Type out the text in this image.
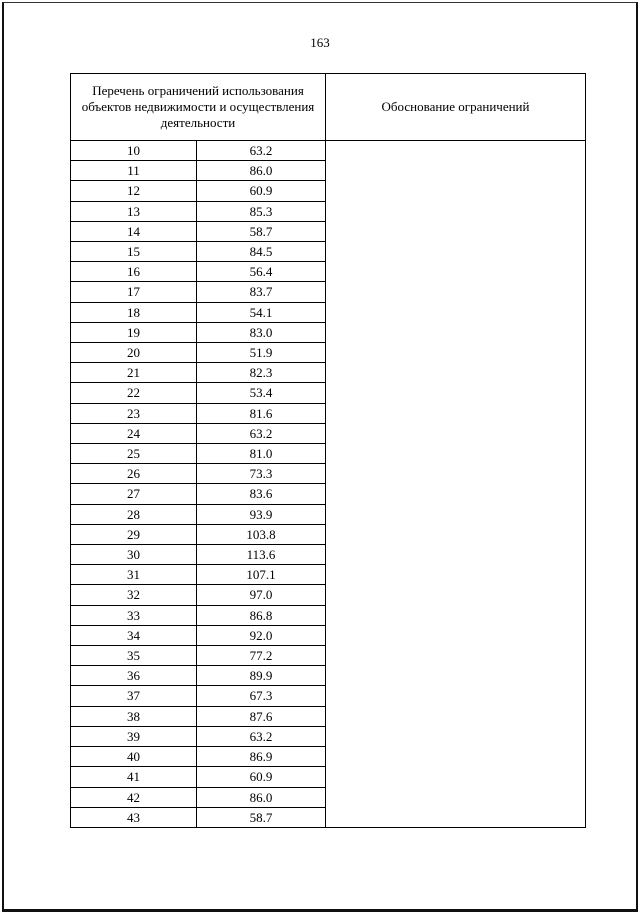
163
Перечень ограничений использования объектов недвижимости и осуществления деятельности		Обоснование ограничений
10	63.2	
11	86.0	
12	60.9	
13	85.3	
14	58.7	
15	84.5	
16	56.4	
17	83.7	
18	54.1	
19	83.0	
20	51.9	
21	82.3	
22	53.4	
23	81.6	
24	63.2	
25	81.0	
26	73.3	
27	83.6	
28	93.9	
29	103.8	
30	113.6	
31	107.1	
32	97.0	
33	86.8	
34	92.0	
35	77.2	
36	89.9	
37	67.3	
38	87.6	
39	63.2	
40	86.9	
41	60.9	
42	86.0	
43	58.7	
